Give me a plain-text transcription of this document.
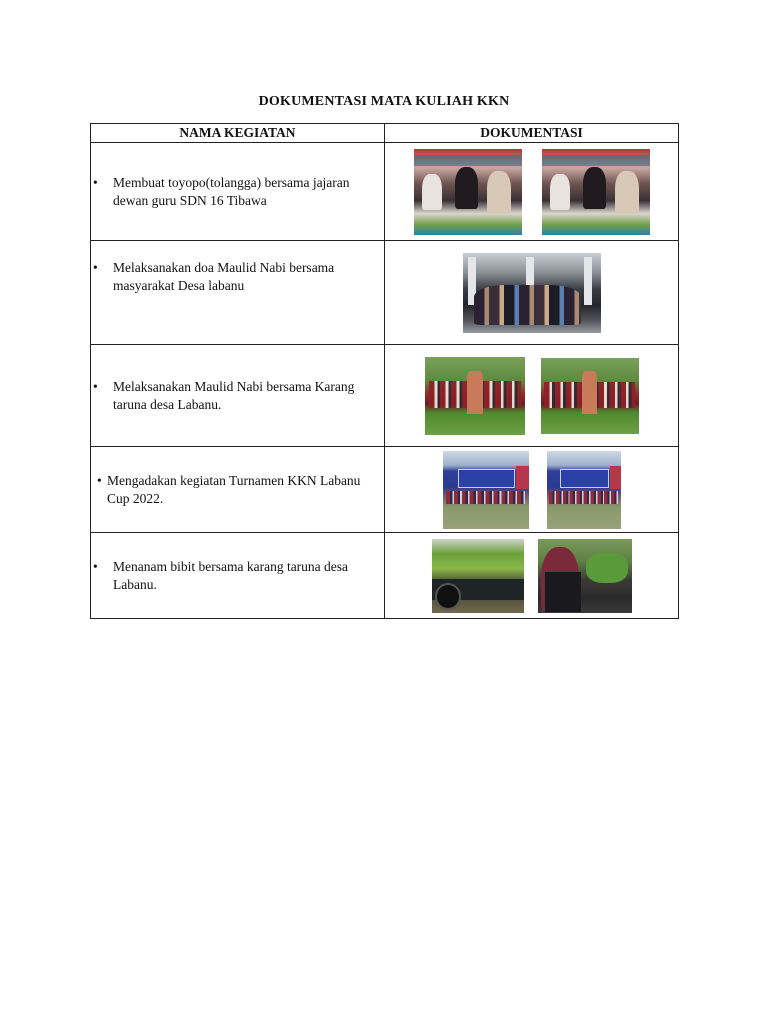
DOKUMENTASI MATA KULIAH KKN
NAMA KEGIATAN	DOKUMENTASI

• Membuat toyopo(tolangga) bersama jajaran dewan guru SDN 16 Tibawa	

• Melaksanakan doa Maulid Nabi bersama masyarakat Desa labanu	

• Melaksanakan Maulid Nabi bersama Karang taruna desa Labanu.	

• Mengadakan kegiatan Turnamen KKN Labanu Cup 2022.	

• Menanam bibit bersama karang taruna desa Labanu.	
